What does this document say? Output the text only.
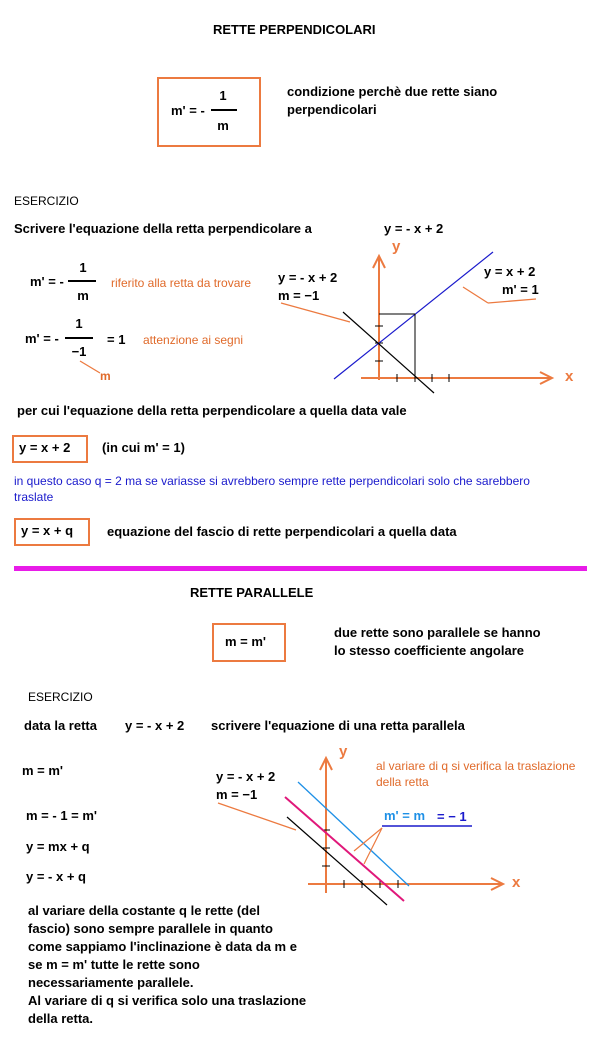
RETTE PERPENDICOLARI
m' = -
1
m
condizione perchè due rette siano
perpendicolari
ESERCIZIO
Scrivere l'equazione della retta perpendicolare a	y = - x + 2
m' = -
1
m
riferito alla retta da trovare
m' = -
1
−1
= 1 attenzione ai segni
m
y
x
y = - x + 2
m = −1
y = x + 2
m' = 1
per cui l'equazione della retta perpendicolare a quella data vale
y = x + 2 (in cui m' = 1)
in questo caso q = 2 ma se variasse si avrebbero sempre rette perpendicolari solo che sarebbero
traslate
y = x + q	equazione del fascio di rette perpendicolari a quella data
RETTE PARALLELE
m = m'
due rette sono parallele se hanno
lo stesso coefficiente angolare
ESERCIZIO
data la retta y = - x + 2 scrivere l'equazione di una retta parallela
m = m'
m = - 1 = m'
y = mx + q
y = - x + q
y
x
y = - x + 2
m = −1
al variare di q si verifica la traslazione
della retta
m' = m = − 1
al variare della costante q le rette (del
fascio) sono sempre parallele in quanto
come sappiamo l'inclinazione è data da m e
se m = m' tutte le rette sono
necessariamente parallele.
Al variare di q si verifica solo una traslazione
della retta.
